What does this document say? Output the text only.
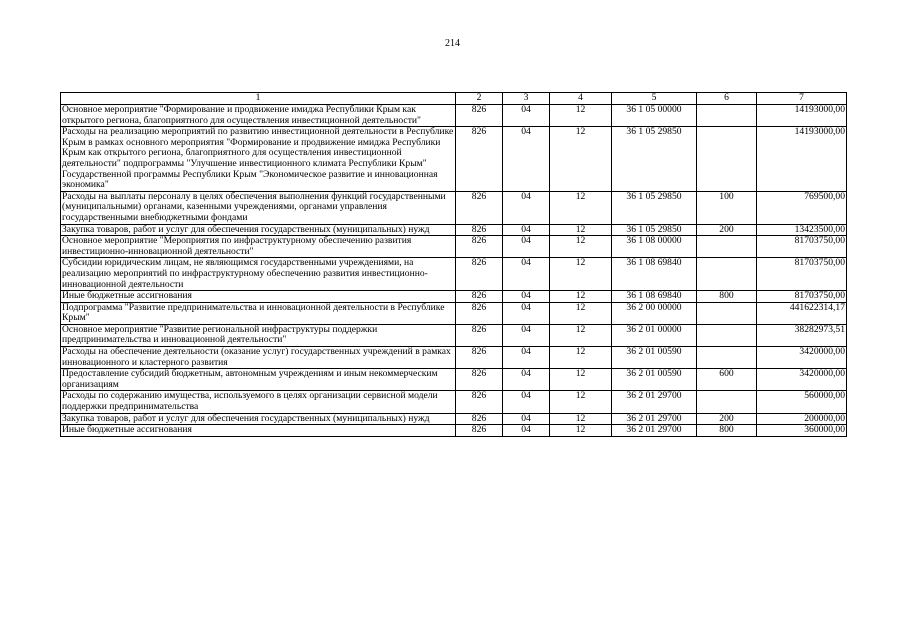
214
1	2	3	4	5	6	7
Основное мероприятие "Формирование и продвижение имиджа Республики Крым как открытого региона, благоприятного для осуществления инвестиционной деятельности"	826	04	12	36 1 05 00000		14193000,00
Расходы на реализацию мероприятий по развитию инвестиционной деятельности в Республике Крым в рамках основного мероприятия "Формирование и продвижение имиджа Республики Крым как открытого региона, благоприятного для осуществления инвестиционной деятельности" подпрограммы "Улучшение инвестиционного климата Республики Крым" Государственной программы Республики Крым "Экономическое развитие и инновационная экономика"	826	04	12	36 1 05 29850		14193000,00
Расходы на выплаты персоналу в целях обеспечения выполнения функций государственными (муниципальными) органами, казенными учреждениями, органами управления государственными внебюджетными фондами	826	04	12	36 1 05 29850	100	769500,00
Закупка товаров, работ и услуг для обеспечения государственных (муниципальных) нужд	826	04	12	36 1 05 29850	200	13423500,00
Основное мероприятие "Мероприятия по инфраструктурному обеспечению развития инвестиционно-инновационной деятельности"	826	04	12	36 1 08 00000		81703750,00
Субсидии юридическим лицам, не являющимся государственными учреждениями, на реализацию мероприятий по инфраструктурному обеспечению развития инвестиционно-инновационной деятельности	826	04	12	36 1 08 69840		81703750,00
Иные бюджетные ассигнования	826	04	12	36 1 08 69840	800	81703750,00
Подпрограмма "Развитие предпринимательства и инновационной деятельности в Республике Крым"	826	04	12	36 2 00 00000		441622314,17
Основное мероприятие "Развитие региональной инфраструктуры поддержки предпринимательства и инновационной деятельности"	826	04	12	36 2 01 00000		38282973,51
Расходы на обеспечение деятельности (оказание услуг) государственных учреждений в рамках инновационного и кластерного развития	826	04	12	36 2 01 00590		3420000,00
Предоставление субсидий бюджетным, автономным учреждениям и иным некоммерческим организациям	826	04	12	36 2 01 00590	600	3420000,00
Расходы по содержанию имущества, используемого в целях организации сервисной модели поддержки предпринимательства	826	04	12	36 2 01 29700		560000,00
Закупка товаров, работ и услуг для обеспечения государственных (муниципальных) нужд	826	04	12	36 2 01 29700	200	200000,00
Иные бюджетные ассигнования	826	04	12	36 2 01 29700	800	360000,00
